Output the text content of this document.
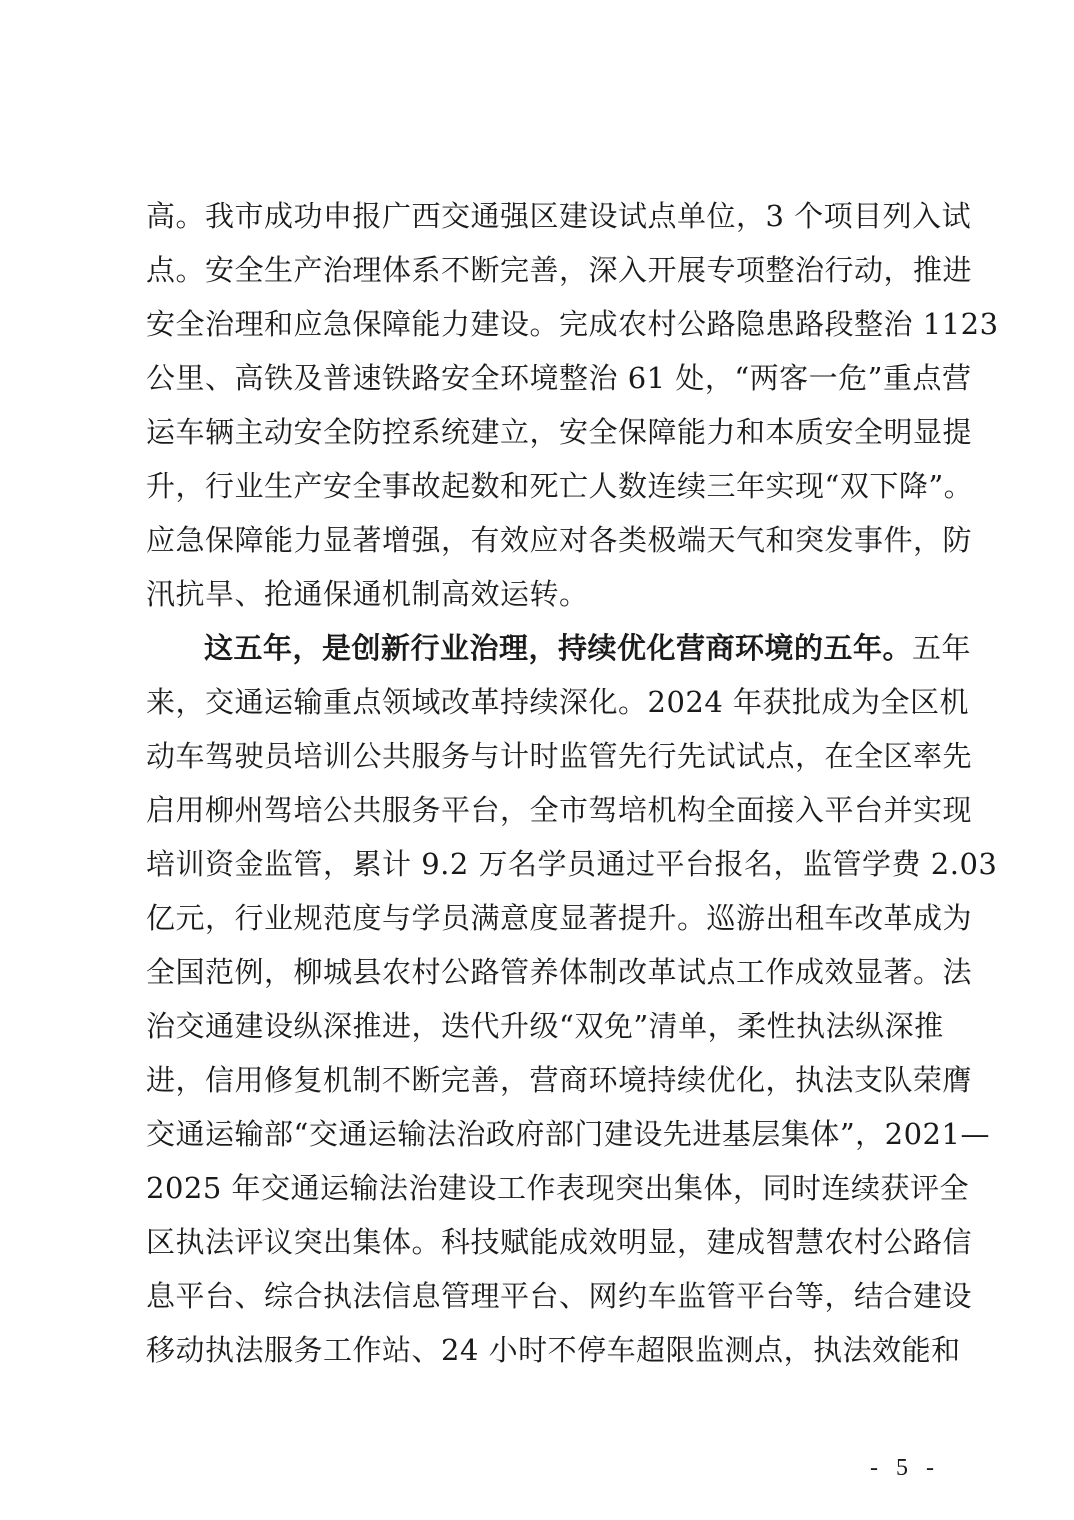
高。我市成功申报广西交通强区建设试点单位，3 个项目列入试
点。安全生产治理体系不断完善，深入开展专项整治行动，推进
安全治理和应急保障能力建设。完成农村公路隐患路段整治 1123
公里、高铁及普速铁路安全环境整治 61 处，“两客一危”重点营
运车辆主动安全防控系统建立，安全保障能力和本质安全明显提
升，行业生产安全事故起数和死亡人数连续三年实现“双下降”。
应急保障能力显著增强，有效应对各类极端天气和突发事件，防
汛抗旱、抢通保通机制高效运转。
这五年，是创新行业治理，持续优化营商环境的五年。五年
来，交通运输重点领域改革持续深化。2024 年获批成为全区机
动车驾驶员培训公共服务与计时监管先行先试试点，在全区率先
启用柳州驾培公共服务平台，全市驾培机构全面接入平台并实现
培训资金监管，累计 9.2 万名学员通过平台报名，监管学费 2.03
亿元，行业规范度与学员满意度显著提升。巡游出租车改革成为
全国范例，柳城县农村公路管养体制改革试点工作成效显著。法
治交通建设纵深推进，迭代升级“双免”清单，柔性执法纵深推
进，信用修复机制不断完善，营商环境持续优化，执法支队荣膺
交通运输部“交通运输法治政府部门建设先进基层集体”，2021—
2025 年交通运输法治建设工作表现突出集体，同时连续获评全
区执法评议突出集体。科技赋能成效明显，建成智慧农村公路信
息平台、综合执法信息管理平台、网约车监管平台等，结合建设
移动执法服务工作站、24 小时不停车超限监测点，执法效能和
- 5 -
